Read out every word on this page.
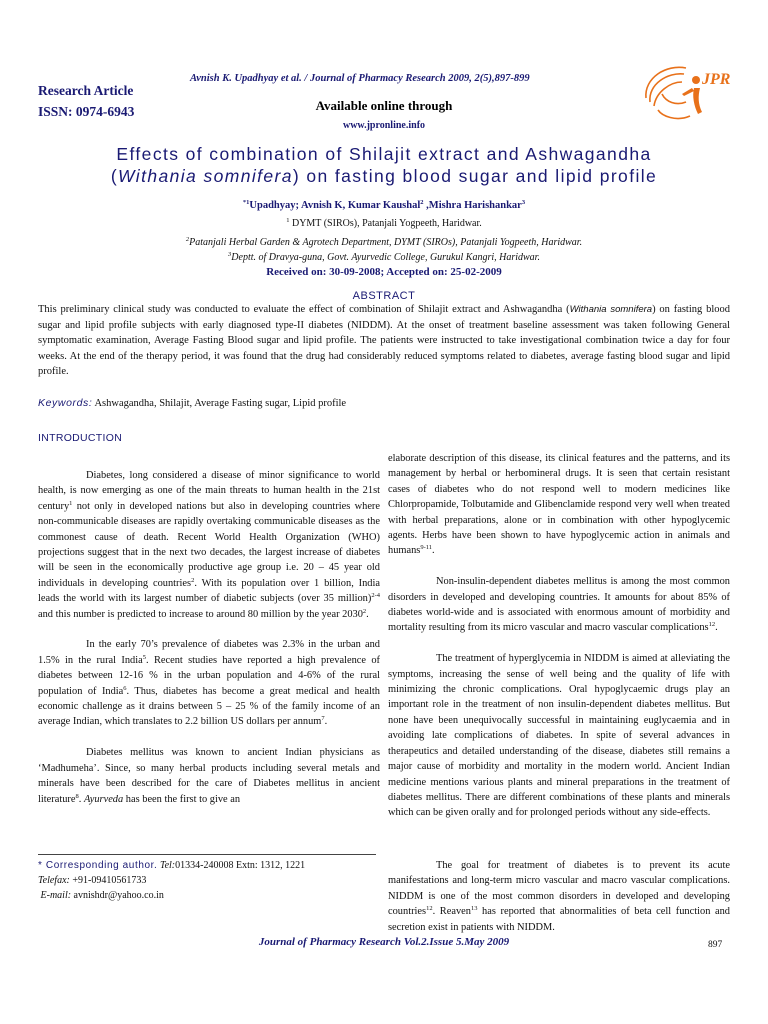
Research Article
ISSN: 0974-6943
Avnish K. Upadhyay et al. / Journal of Pharmacy Research 2009, 2(5),897-899
Available online through
www.jpronline.info
JPR
Effects of combination of Shilajit extract and Ashwagandha
(Withania somnifera) on fasting blood sugar and lipid profile
$^{*1}$Upadhyay; Avnish K, Kumar Kaushal$^2$ ,Mishra Harishankar$^3$
$^1$ DYMT (SIROs), Patanjali Yogpeeth, Haridwar.
$^2$Patanjali Herbal Garden & Agrotech Department, DYMT (SIROs), Patanjali Yogpeeth, Haridwar.
$^3$Deptt. of Dravya-guna, Govt. Ayurvedic College, Gurukul Kangri, Haridwar.
Received on: 30-09-2008; Accepted on: 25-02-2009
ABSTRACT
This preliminary clinical study was conducted to evaluate the effect of combination of Shilajit extract and Ashwagandha (Withania somnifera) on fasting blood sugar and lipid profile subjects with early diagnosed type-II diabetes (NIDDM). At the onset of treatment baseline assessment was taken following General symptomatic examination, Average Fasting Blood sugar and lipid profile. The patients were instructed to take investigational combination twice a day for four weeks. At the end of the therapy period, it was found that the drug had considerably reduced symptoms related to diabetes, average fasting blood sugar and lipid profile.
Keywords: Ashwagandha, Shilajit, Average Fasting sugar, Lipid profile
INTRODUCTION

Diabetes, long considered a disease of minor significance to world health, is now emerging as one of the main threats to human health in the 21st century$^1$ not only in developed nations but also in developing countries where non-communicable diseases are rapidly overtaking communicable diseases as the commonest cause of death. Recent World Health Organization (WHO) projections suggest that in the next two decades, the largest increase of diabetes will be seen in the economically productive age group i.e. 20 – 45 year old individuals in developing countries$^2$. With its population over 1 billion, India leads the world with its largest number of diabetic subjects (over 35 million)$^{2-4}$ and this number is predicted to increase to around 80 million by the year 2030$^2$.

In the early 70’s prevalence of diabetes was 2.3% in the urban and 1.5% in the rural India$^5$. Recent studies have reported a high prevalence of diabetes between 12-16 % in the urban population and 4-6% of the rural population of India$^6$. Thus, diabetes has become a great medical and health economic challenge as it drains between 5 – 25 % of the family income of an average Indian, which translates to 2.2 billion US dollars per annum$^7$.

Diabetes mellitus was known to ancient Indian physicians as ‘Madhumeha’. Since, so many herbal products including several metals and minerals have been described for the care of Diabetes mellitus in ancient literature$^8$. Ayurveda has been the first to give an

elaborate description of this disease, its clinical features and the patterns, and its management by herbal or herbomineral drugs. It is seen that certain resistant cases of diabetes who do not respond well to modern medicines like Chlorpropamide, Tolbutamide and Glibenclamide respond very well when treated with herbal preparations, alone or in combination with other hypoglycemic agents. Herbs have been shown to have hypoglycemic action in animals and humans$^{9-11}$.

Non-insulin-dependent diabetes mellitus is among the most common disorders in developed and developing countries. It amounts for about 85% of diabetes world-wide and is associated with enormous amount of morbidity and mortality resulting from its micro vascular and macro vascular complications$^{12}$.

The treatment of hyperglycemia in NIDDM is aimed at alleviating the symptoms, increasing the sense of well being and the quality of life with minimizing the chronic complications. Oral hypoglycaemic drugs play an important role in the treatment of non insulin-dependent diabetes mellitus. But none have been unequivocally successful in maintaining euglycaemia and in avoiding late complications of diabetes. In spite of several advances in therapeutics and detailed understanding of the disease, diabetes still remains a major cause of morbidity and mortality in the modern world. Ancient Indian medicine mentions various plants and mineral preparations in the treatment of diabetes mellitus. There are different combinations of these plants and minerals which can be given orally and for prolonged periods without any side-effects.

The goal for treatment of diabetes is to prevent its acute manifestations and long-term micro vascular and macro vascular complications. NIDDM is one of the most common disorders in developed and developing countries$^{12}$. Reaven$^{13}$ has reported that abnormalities of beta cell function and secretion exist in patients with NIDDM.

* Corresponding author. Tel:01334-240008 Extn: 1312, 1221
Telefax: +91-09410561733
E-mail: avnishdr@yahoo.co.in
Journal of Pharmacy Research Vol.2.Issue 5.May 2009	897
